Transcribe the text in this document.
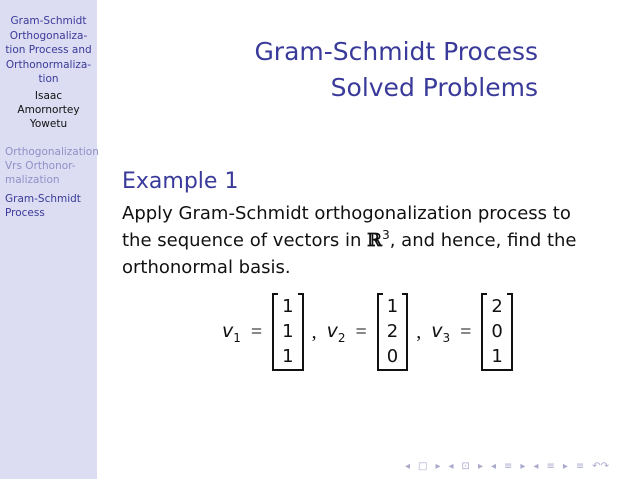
Gram-Schmidt
Orthogonaliza-
tion Process and
Orthonormaliza-
tion
Isaac
Amornortey
Yowetu
Orthogonalization
Vrs Orthonor-
malization
Gram-Schmidt
Process
Gram-Schmidt Process
Solved Problems
Example 1
Apply Gram-Schmidt orthogonalization process to the sequence of vectors in ℝ$^3$, and hence, find the orthonormal basis.
$v_1$ =
1
1
1
, $v_2$ =
1
2
0
, $v_3$ =
2
0
1
◂ □ ▸ ◂ ⊡ ▸ ◂ ≡ ▸ ◂ ≡ ▸ ≡ ↶↷
